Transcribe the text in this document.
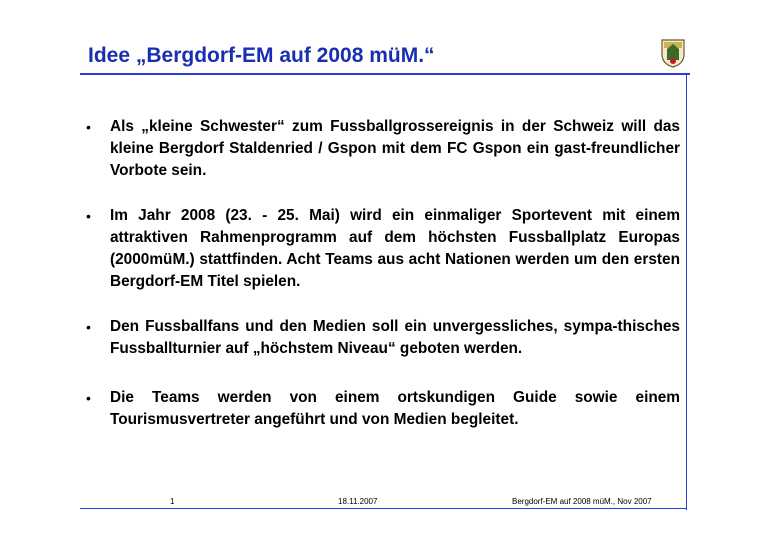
Idee „Bergdorf-EM auf 2008 müM.“
• Als „kleine Schwester“ zum Fussballgrossereignis in der Schweiz will das kleine Bergdorf Staldenried / Gspon mit dem FC Gspon ein gast-freundlicher Vorbote sein.
• Im Jahr 2008 (23. - 25. Mai) wird ein einmaliger Sportevent mit einem attraktiven Rahmenprogramm auf dem höchsten Fussballplatz Europas (2000müM.) stattfinden. Acht Teams aus acht Nationen werden um den ersten Bergdorf-EM Titel spielen.
• Den Fussballfans und den Medien soll ein unvergessliches, sympa-thisches Fussballturnier auf „höchstem Niveau“ geboten werden.
• Die Teams werden von einem ortskundigen Guide sowie einem Tourismusvertreter angeführt und von Medien begleitet.
1	18.11.2007	Bergdorf-EM auf 2008 müM., Nov 2007
